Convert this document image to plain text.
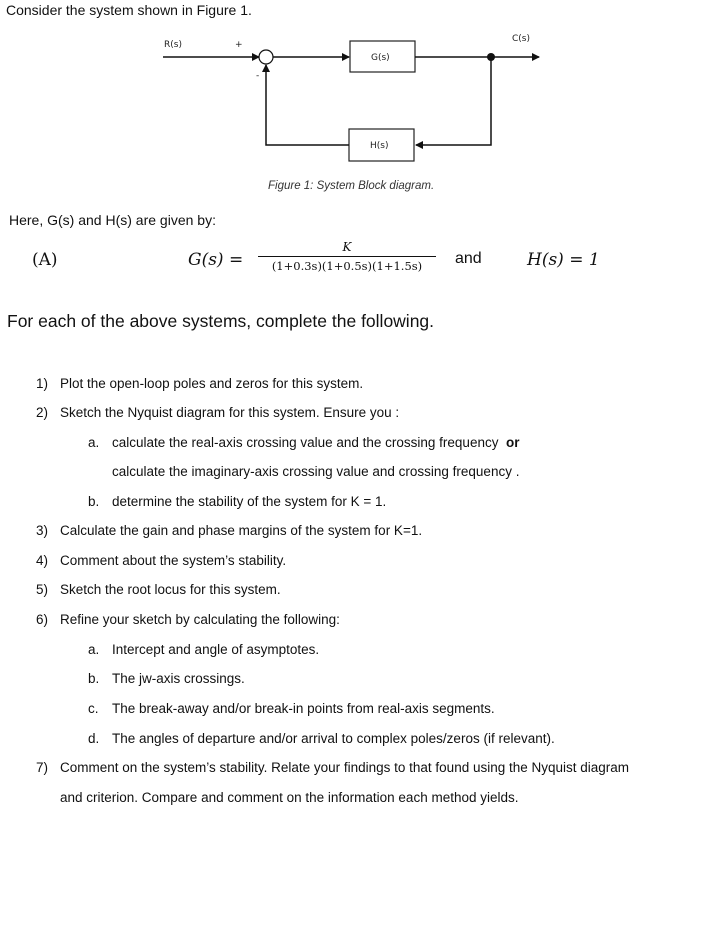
Consider the system shown in Figure 1.
R(s)	+
-
G(s)
C(s)
H(s)
Figure 1: System Block diagram.
Here, G(s) and H(s) are given by:
(A)	G(s) =
K
(1+0.3s)(1+0.5s)(1+1.5s)	and	H(s) = 1
For each of the above systems, complete the following.
1) Plot the open-loop poles and zeros for this system.
2) Sketch the Nyquist diagram for this system. Ensure you :
a. calculate the real-axis crossing value and the crossing frequency or
calculate the imaginary-axis crossing value and crossing frequency .
b. determine the stability of the system for K = 1.
3) Calculate the gain and phase margins of the system for K=1.
4) Comment about the system’s stability.
5) Sketch the root locus for this system.
6) Refine your sketch by calculating the following:
a. Intercept and angle of asymptotes.
b. The jw-axis crossings.
c. The break-away and/or break-in points from real-axis segments.
d. The angles of departure and/or arrival to complex poles/zeros (if relevant).
7) Comment on the system’s stability. Relate your findings to that found using the Nyquist diagram
and criterion. Compare and comment on the information each method yields.
